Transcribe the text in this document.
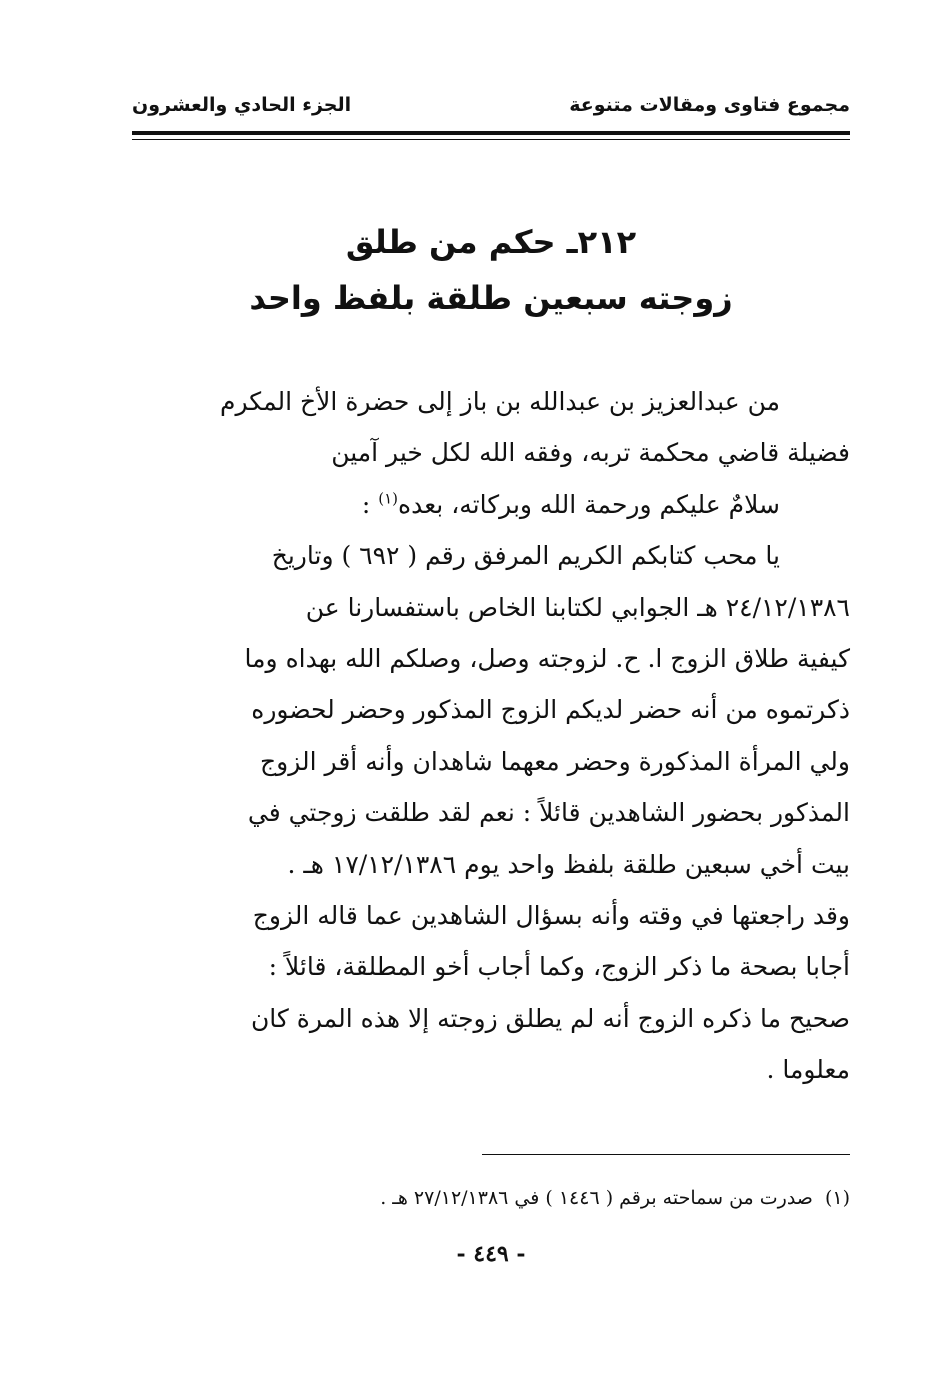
مجموع فتاوى ومقالات متنوعة
الجزء الحادي والعشرون
٢١٢ـ حكم من طلق
زوجته سبعين طلقة بلفظ واحد
من عبدالعزيز بن عبدالله بن باز إلى حضرة الأخ المكرم
فضيلة قاضي محكمة تربه، وفقه الله لكل خير آمين
سلامٌ عليكم ورحمة الله وبركاته، بعده$^{(١)}$ :
يا محب كتابكم الكريم المرفق رقم ( ٦٩٢ ) وتاريخ
٢٤/١٢/١٣٨٦ هـ الجوابي لكتابنا الخاص باستفسارنا عن
كيفية طلاق الزوج ا. ح. لزوجته وصل، وصلكم الله بهداه وما
ذكرتموه من أنه حضر لديكم الزوج المذكور وحضر لحضوره
ولي المرأة المذكورة وحضر معهما شاهدان وأنه أقر الزوج
المذكور بحضور الشاهدين قائلاً : نعم لقد طلقت زوجتي في
بيت أخي سبعين طلقة بلفظ واحد يوم ١٧/١٢/١٣٨٦ هـ .
وقد راجعتها في وقته وأنه بسؤال الشاهدين عما قاله الزوج
أجابا بصحة ما ذكر الزوج، وكما أجاب أخو المطلقة، قائلاً :
صحيح ما ذكره الزوج أنه لم يطلق زوجته إلا هذه المرة كان
معلوما .
(١)صدرت من سماحته برقم ( ١٤٤٦ ) في ٢٧/١٢/١٣٨٦ هـ .
- ٤٤٩ -
